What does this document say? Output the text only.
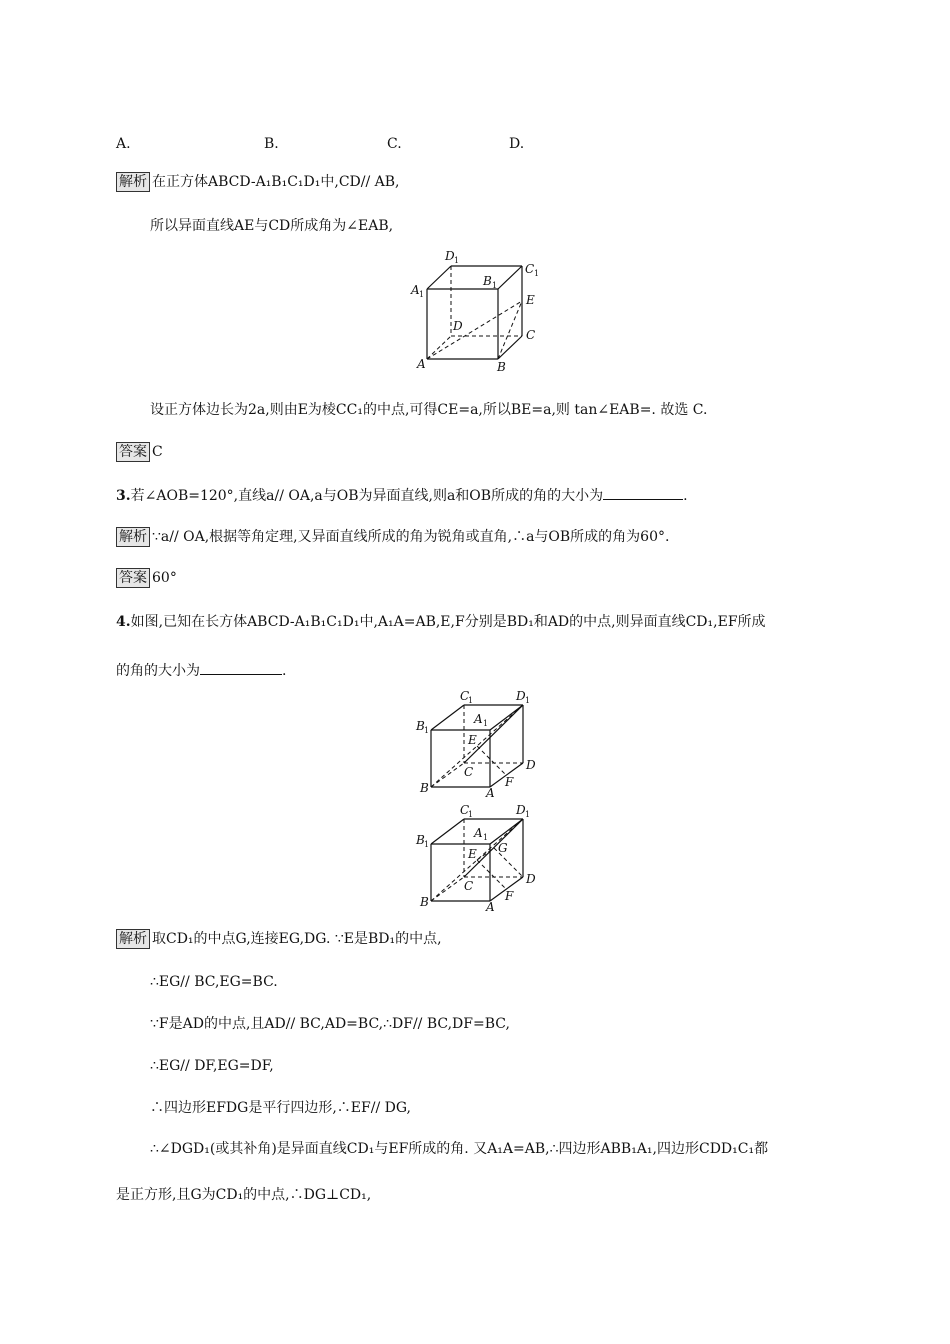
A.	B.	C.	D.
解析 在正方体ABCD-A₁B₁C₁D₁中,CD// AB,
所以异面直线AE与CD所成角为∠EAB,
D 1
C 1
A 1
B 1
E
D
C
A	B
设正方体边长为2a,则由E为棱CC₁的中点,可得CE=a,所以BE=a,则 tan∠EAB=. 故选 C.
答案 C
3.若∠AOB=120°,直线a// OA,a与OB为异面直线,则a和OB所成的角的大小为	.
解析 ∵a// OA,根据等角定理,又异面直线所成的角为锐角或直角,∴a与OB所成的角为60°.
答案 60°
4.如图,已知在长方体ABCD-A₁B₁C₁D₁中,A₁A=AB,E,F分别是BD₁和AD的中点,则异面直线CD₁,EF所成
的角的大小为	.
C
1	D 1
B 1
A 1
E
C	D
B	F
A
C
1	D 1
B 1
A 1
E G
C	D
B	F
A
解析 取CD₁的中点G,连接EG,DG. ∵E是BD₁的中点,
∴EG// BC,EG=BC.
∵F是AD的中点,且AD// BC,AD=BC,∴DF// BC,DF=BC,
∴EG// DF,EG=DF,
∴四边形EFDG是平行四边形,∴EF// DG,
∴∠DGD₁(或其补角)是异面直线CD₁与EF所成的角. 又A₁A=AB,∴四边形ABB₁A₁,四边形CDD₁C₁都
是正方形,且G为CD₁的中点,∴DG⊥CD₁,
